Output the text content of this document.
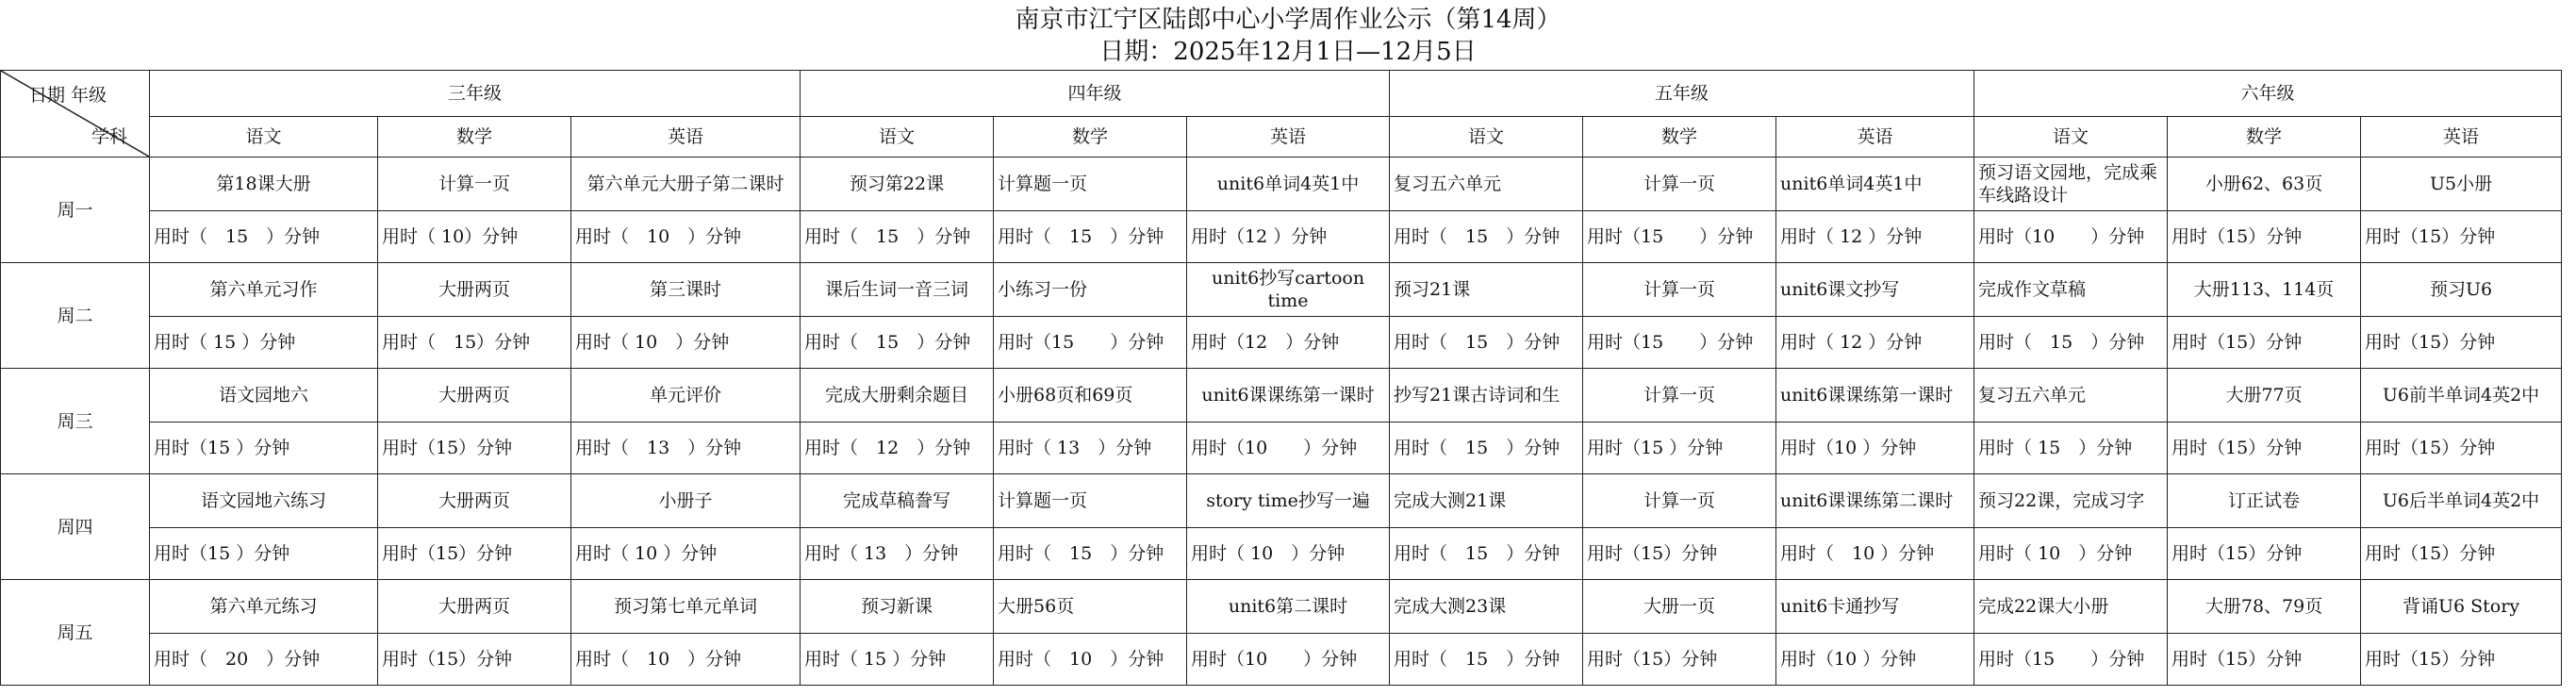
南京市江宁区陆郎中心小学周作业公示（第14周）
日期：2025年12月1日—12月5日
日期 年级
学科	三年级			四年级			五年级			六年级		
	语文	数学	英语	语文	数学	英语	语文	数学	英语	语文	数学	英语
周一	第18课大册	计算一页	第六单元大册子第二课时	预习第22课	计算题一页	unit6单词4英1中	复习五六单元	计算一页	unit6单词4英1中	预习语文园地，完成乘车线路设计	小册62、63页	U5小册
	用时（　15　）分钟	用时（ 10）分钟	用时（　10　）分钟	用时（　15　）分钟	用时（　15　）分钟	用时（12 ）分钟	用时（　15　）分钟	用时（15　　）分钟	用时（ 12 ）分钟	用时（10　　）分钟	用时（15）分钟	用时（15）分钟
周二	第六单元习作	大册两页	第三课时	课后生词一音三词	小练习一份	unit6抄写cartoon time	预习21课	计算一页	unit6课文抄写	完成作文草稿	大册113、114页	预习U6
	用时（ 15 ）分钟	用时（　15）分钟	用时（ 10　）分钟	用时（　15　）分钟	用时（15　　）分钟	用时（12　）分钟	用时（　15　）分钟	用时（15　　）分钟	用时（ 12 ）分钟	用时（　15　）分钟	用时（15）分钟	用时（15）分钟
周三	语文园地六	大册两页	单元评价	完成大册剩余题目	小册68页和69页	unit6课课练第一课时	抄写21课古诗词和生	计算一页	unit6课课练第一课时	复习五六单元	大册77页	U6前半单词4英2中
	用时（15 ）分钟	用时（15）分钟	用时（　13　）分钟	用时（　12　）分钟	用时（ 13　）分钟	用时（10　　）分钟	用时（　15　）分钟	用时（15 ）分钟	用时（10 ）分钟	用时（ 15　）分钟	用时（15）分钟	用时（15）分钟
周四	语文园地六练习	大册两页	小册子	完成草稿誊写	计算题一页	story time抄写一遍	完成大测21课	计算一页	unit6课课练第二课时	预习22课，完成习字	订正试卷	U6后半单词4英2中
	用时（15 ）分钟	用时（15）分钟	用时（ 10 ）分钟	用时（ 13　）分钟	用时（　15　）分钟	用时（ 10　）分钟	用时（　15　）分钟	用时（15）分钟	用时（　10 ）分钟	用时（ 10　）分钟	用时（15）分钟	用时（15）分钟
周五	第六单元练习	大册两页	预习第七单元单词	预习新课	大册56页	unit6第二课时	完成大测23课	大册一页	unit6卡通抄写	完成22课大小册	大册78、79页	背诵U6 Story
	用时（　20　）分钟	用时（15）分钟	用时（　10　）分钟	用时（ 15 ）分钟	用时（　10　）分钟	用时（10　　）分钟	用时（　15　）分钟	用时（15）分钟	用时（10 ）分钟	用时（15　　）分钟	用时（15）分钟	用时（15）分钟
